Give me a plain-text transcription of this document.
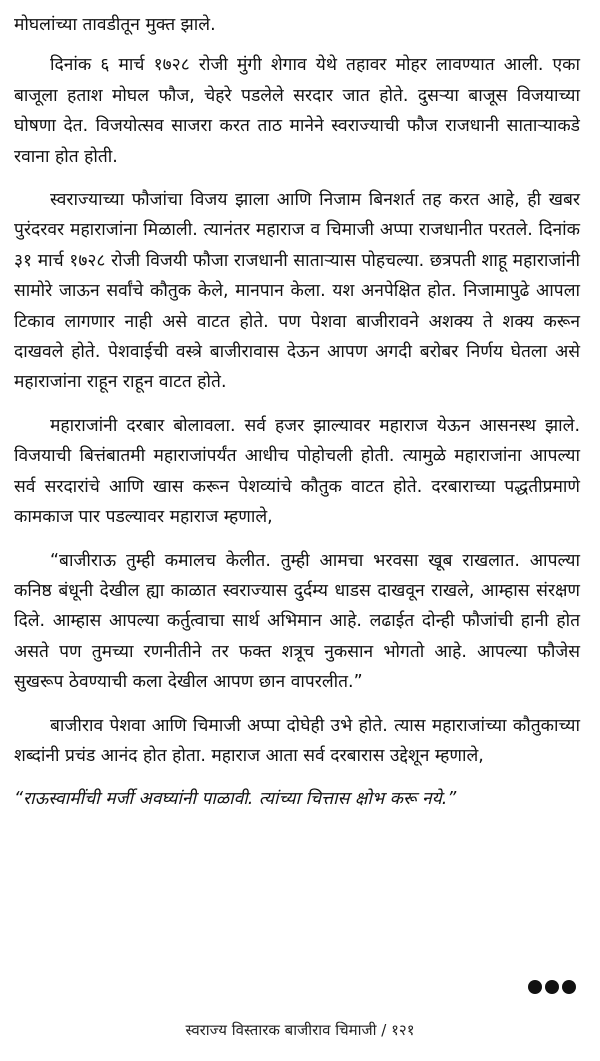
मोघलांच्या तावडीतून मुक्त झाले.

दिनांक ६ मार्च १७२८ रोजी मुंगी शेगाव येथे तहावर मोहर लावण्यात आली. एका बाजूला हताश मोघल फौज, चेहरे पडलेले सरदार जात होते. दुसऱ्या बाजूस विजयाच्या घोषणा देत. विजयोत्सव साजरा करत ताठ मानेने स्वराज्याची फौज राजधानी साताऱ्याकडे रवाना होत होती.

स्वराज्याच्या फौजांचा विजय झाला आणि निजाम बिनशर्त तह करत आहे, ही खबर पुरंदरवर महाराजांना मिळाली. त्यानंतर महाराज व चिमाजी अप्पा राजधानीत परतले. दिनांक ३१ मार्च १७२८ रोजी विजयी फौजा राजधानी साताऱ्यास पोहचल्या. छत्रपती शाहू महाराजांनी सामोरे जाऊन सर्वांचे कौतुक केले, मानपान केला. यश अनपेक्षित होत. निजामापुढे आपला टिकाव लागणार नाही असे वाटत होते. पण पेशवा बाजीरावने अशक्य ते शक्य करून दाखवले होते. पेशवाईची वस्त्रे बाजीरावास देऊन आपण अगदी बरोबर निर्णय घेतला असे महाराजांना राहून राहून वाटत होते.

महाराजांनी दरबार बोलावला. सर्व हजर झाल्यावर महाराज येऊन आसनस्थ झाले. विजयाची बित्तंबातमी महाराजांपर्यंत आधीच पोहोचली होती. त्यामुळे महाराजांना आपल्या सर्व सरदारांचे आणि खास करून पेशव्यांचे कौतुक वाटत होते. दरबाराच्या पद्धतीप्रमाणे कामकाज पार पडल्यावर महाराज म्हणाले,

“बाजीराऊ तुम्ही कमालच केलीत. तुम्ही आमचा भरवसा खूब राखलात. आपल्या कनिष्ठ बंधूनी देखील ह्या काळात स्वराज्यास दुर्दम्य धाडस दाखवून राखले, आम्हास संरक्षण दिले. आम्हास आपल्या कर्तुत्वाचा सार्थ अभिमान आहे. लढाईत दोन्ही फौजांची हानी होत असते पण तुमच्या रणनीतीने तर फक्त शत्रूच नुकसान भोगतो आहे. आपल्या फौजेस सुखरूप ठेवण्याची कला देखील आपण छान वापरलीत.”

बाजीराव पेशवा आणि चिमाजी अप्पा दोघेही उभे होते. त्यास महाराजांच्या कौतुकाच्या शब्दांनी प्रचंड आनंद होत होता. महाराज आता सर्व दरबारास उद्देशून म्हणाले,

“राऊस्वामींची मर्जी अवघ्यांनी पाळावी. त्यांच्या चित्तास क्षोभ करू नये.”

स्वराज्य विस्तारक बाजीराव चिमाजी / १२१
